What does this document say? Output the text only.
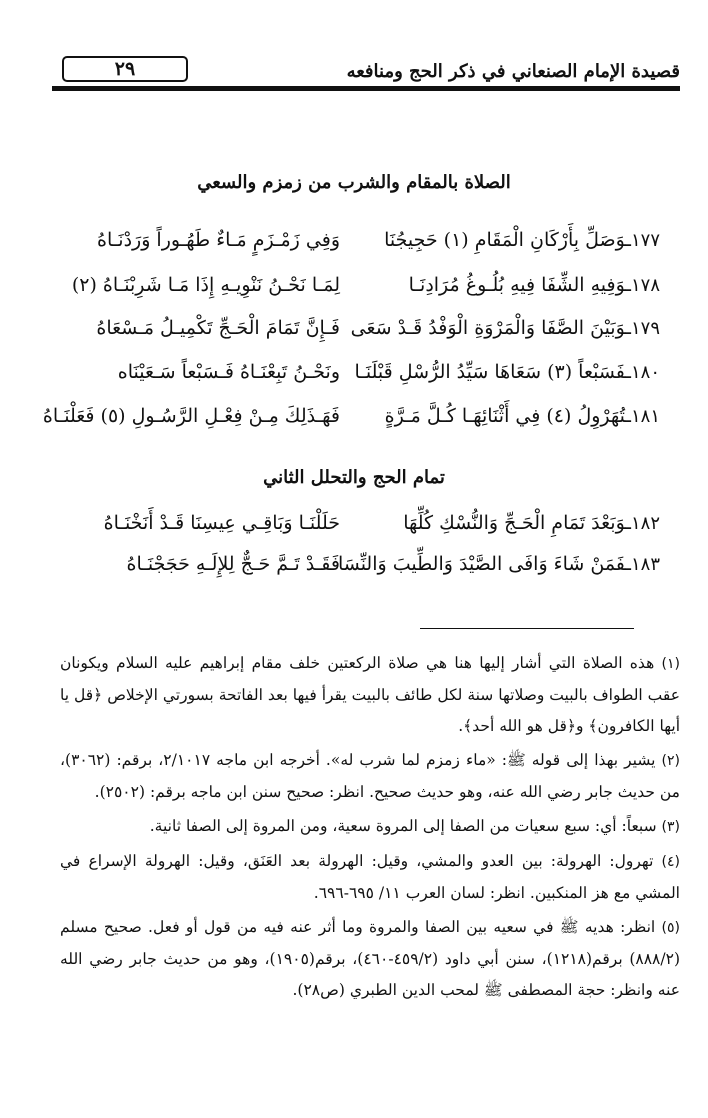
٢٩	قصيدة الإمام الصنعاني في ذكر الحج ومنافعه
الصلاة بالمقام والشرب من زمزم والسعي
١٧٧ـوَصَلِّ بِأَرْكَانِ الْمَقَامِ (١) حَجِيجُنَا
وَفِي زَمْـزَمٍ مَـاءٌ طَهُـوراً وَرَدْنَـاهُ
١٧٨ـوَفِيهِ الشِّفَا فِيهِ بُلُـوغُ مُرَادِنَـا
لِمَـا نَحْـنُ نَنْوِيـهِ إِذَا مَـا شَرِبْنَـاهُ (٢)
١٧٩ـوَبَيْنَ الصَّفَا وَالْمَرْوَةِ الْوَفْدُ قَـدْ سَعَى
فَـإِنَّ تَمَامَ الْحَـجِّ تَكْمِيـلُ مَـسْعَاهُ
١٨٠ـفَسَبْعاً (٣) سَعَاهَا سَيِّدُ الرُّسْلِ قَبْلَنَـا
ونَحْـنُ تَبِعْنَـاهُ فَـسَبْعاً سَـعَيْنَاه
١٨١ـتُهَرْوِلُ (٤) فِي أَثْنَائِهَـا كُـلَّ مَـرَّةٍ
فَهَـذَلِكَ مِـنْ فِعْـلِ الرَّسُـولِ (٥) فَعَلْنَـاهُ
تمام الحج والتحلل الثاني
١٨٢ـوَبَعْدَ تَمَامِ الْحَـجِّ وَالنُّسْكِ كُلِّهَا
حَلَلْنَـا وَبَاقِـي عِيسِنَا قَـدْ أَنَخْنَـاهُ
١٨٣ـفَمَنْ شَاءَ وَافَى الصَّيْدَ وَالطِّيبَ وَالنِّسَا
فَقَـدْ تَـمَّ حَـجٌّ لِلإِلَـهِ حَجَجْنَـاهُ

(١) هذه الصلاة التي أشار إليها هنا هي صلاة الركعتين خلف مقام إبراهيم عليه السلام ويكونان عقب الطواف بالبيت وصلاتها سنة لكل طائف بالبيت يقرأ فيها بعد الفاتحة بسورتي الإخلاص ﴿قل يا أيها الكافرون﴾ و﴿قل هو الله أحد﴾.

(٢) يشير بهذا إلى قوله ﷺ: «ماء زمزم لما شرب له». أخرجه ابن ماجه ٢/١٠١٧، برقم: (٣٠٦٢)، من حديث جابر رضي الله عنه، وهو حديث صحيح. انظر: صحيح سنن ابن ماجه برقم: (٢٥٠٢).

(٣) سبعاً: أي: سبع سعيات من الصفا إلى المروة سعية، ومن المروة إلى الصفا ثانية.

(٤) تهرول: الهرولة: بين العدو والمشي، وقيل: الهرولة بعد العَنَق، وقيل: الهرولة الإسراع في المشي مع هز المنكبين. انظر: لسان العرب ١١/ ٦٩٥-٦٩٦.

(٥) انظر: هديه ﷺ في سعيه بين الصفا والمروة وما أثر عنه فيه من قول أو فعل. صحيح مسلم (٨٨٨/٢) برقم(١٢١٨)، سنن أبي داود (٤٥٩/٢-٤٦٠)، برقم(١٩٠٥)، وهو من حديث جابر رضي الله عنه وانظر: حجة المصطفى ﷺ لمحب الدين الطبري (ص٢٨).
